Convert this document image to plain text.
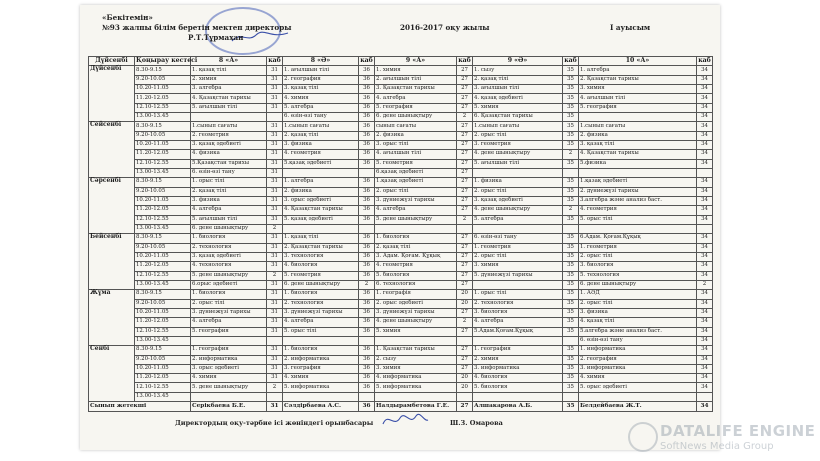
«Бекітемін»
№93 жалпы білім беретін мектеп директоры
Р.Т.Тұрмахан
2016-2017 оқу жылы	I ауысым
Дүйсенбі	Қоңырау кестесі	8 «А»	каб	8 «Ә»	каб	9 «А»	каб	9 «Ә»	каб	10 «А»	каб
Дүйсенбі	8.30-9.15	1. қазақ тілі	31	1. ағылшын тілі	36	1. химия	27	1. сызу	35	1. алгебра	34
	9.20-10.05	2. химия	31	2. география	36	2. ағылшын тілі	27	2. қазақ тілі	35	2. Қазақстан тарихы	34
	10.20-11.05	3. алгебра	31	3. қазақ тілі	36	3. Қазақстан тарихы	27	3. ағылшын тілі	35	3. химия	34
	11.20-12.05	4. Қазақстан тарихы	31	4. химия	36	4. алгебра	27	4. қазақ әдебиеті	35	4. ағылшын тілі	34
	12.10-12.55	5. ағылшын тілі	31	5. алгебра	36	5. география	27	5. химия	35	5. география	34
	13.00-13.45			6. өзін-өзі тану	36	6. дене шынықтыру	2	6. Қазақстан тарихы	35		34
Сейсенбі	8.30-9.15	1.сынып сағаты	31	1.сынып сағаты	36	сынып сағаты	27	1.сынып сағаты	35	1.сынып сағаты	34
	9.20-10.05	2. геометрия	31	2. қазақ тілі	36	2. физика	27	2. орыс тілі	35	2. физика	34
	10.20-11.05	3. қазақ әдебиеті	31	3. физика	36	3. орыс тілі	27	3. геометрия	35	3. қазақ тілі	34
	11.20-12.05	4. физика	31	4. геометрия	36	4. ағылшын тілі	27	4. дене шынықтыру	2	4. Қазақстан тарихы	34
	12.10-12.55	5.Қазақстан тарихы	31	5.қазақ әдебиеті	36	5. геометрия	27	5. ағылшын тілі	35	5.физика	34
	13.00-13.45	6. өзін-өзі тану	31			6.қазақ әдебиеті	27				
Сәрсенбі	8.30-9.15	1. орыс тілі	31	1. алгебра	36	1.қазақ әдебиеті	27	1. физика	35	1.қазақ әдебиеті	34
	9.20-10.05	2. қазақ тілі	31	2. физика	36	2. орыс тілі	27	2. орыс тілі	35	2. дүниежүзі тарихы	34
	10.20-11.05	3. физика	31	3. орыс әдебиеті	36	3. дүниежүзі тарихы	27	3. қазақ әдебиеті	35	3.алгебра және анализ баст.	34
	11.20-12.05	4. алгебра	31	4. Қазақстан тарихы	36	4. алгебра	27	4. дене шынықтыру	2	4. геометрия	34
	12.10-12.55	5. ағылшын тілі	31	5. қазақ әдебиеті	36	5. дене шынықтыру	2	5. алгебра	35	5. орыс тілі	34
	13.00-13.45	6. дене шынықтыру	2								
Бейсенбі	8.30-9.15	1. биология	31	1. қазақ тілі	36	1. биология	27	6. өзін-өзі тану	35	6.Адам. Қоғам.Құқық	34
	9.20-10.05	2. технология	31	2. Қазақстан тарихы	36	2. қазақ тілі	27	1. геометрия	35	1. геометрия	34
	10.20-11.05	3. қазақ әдебиеті	31	3. технология	36	3. Адам. Қоғам. Құқық	27	2. орыс тілі	35	2. орыс тілі	34
	11.20-12.05	4. технология	31	4. биология	36	4. геометрия	27	3. химия	35	3. биология	34
	12.10-12.55	5. дене шынықтыру	2	5. геометрия	36	5. биология	27	5. дүниежүзі тарихы	35	5. технология	34
	13.00-13.45	6.орыс әдебиеті	31	6. дене шынықтыру	2	6. технология	27		35	6. дене шынықтыру	2
Жұма	8.30-9.15	1. биология	31	1. биология	36	1. географія	20	1. орыс тілі	35	1. АӘД	34
	9.20-10.05	2. орыс тілі	31	2. технология	36	2. орыс әдебиеті	20	2. технология	35	2. орыс тілі	34
	10.20-11.05	3. дүниежүзі тарихы	31	3. дүниежүзі тарихы	36	3. дүниежүзі тарихы	27	3. биология	35	3. физика	34
	11.20-12.05	4. алгебра	31	4. алгебра	36	4. дене шынықтыру	2	4. алгебра	35	4. қазақ тілі	34
	12.10-12.55	5. география	31	5. орыс тілі	36	5. химия	27	5.Адам.Қоғам.Құқық	35	5.алгебра және анализ баст.	34
	13.00-13.45									6. өзін-өзі тану	34
Сенбі	8.30-9.15	1. география	31	1. биология	36	1. Қазақстан тарихы	27	1. география	35	1. информатика	34
	9.20-10.05	2. информатика	31	2. информатика	36	2. сызу	27	2. химия	35	2. география	34
	10.20-11.05	3. орыс әдебиеті	31	3. география	36	3. химия	27	3. информатика	35	3. информатика	34
	11.20-12.05	4. химия	31	4. химия	36	4. информатика	20	4. биология	35	4. химия	34
	12.10-12.55	5. дене шынықтыру	2	5. информатика	36	5. информатика	20	5. биология	35	5. орыс әдебиеті	34
	13.00-13.45										
Сынып жетекші		Серікбаева Б.Е.	31	Сәлдірбаева А.С.	36	Налдырамбетова Г.Е.	27	Алшакарова А.Б.	35	Белдейбаева Ж.Т.	34
Директордың оқу-тәрбие ісі жөніндегі орынбасары	Ш.З. Омарова	DATALIFE ENGINE
SoftNews Media Group
